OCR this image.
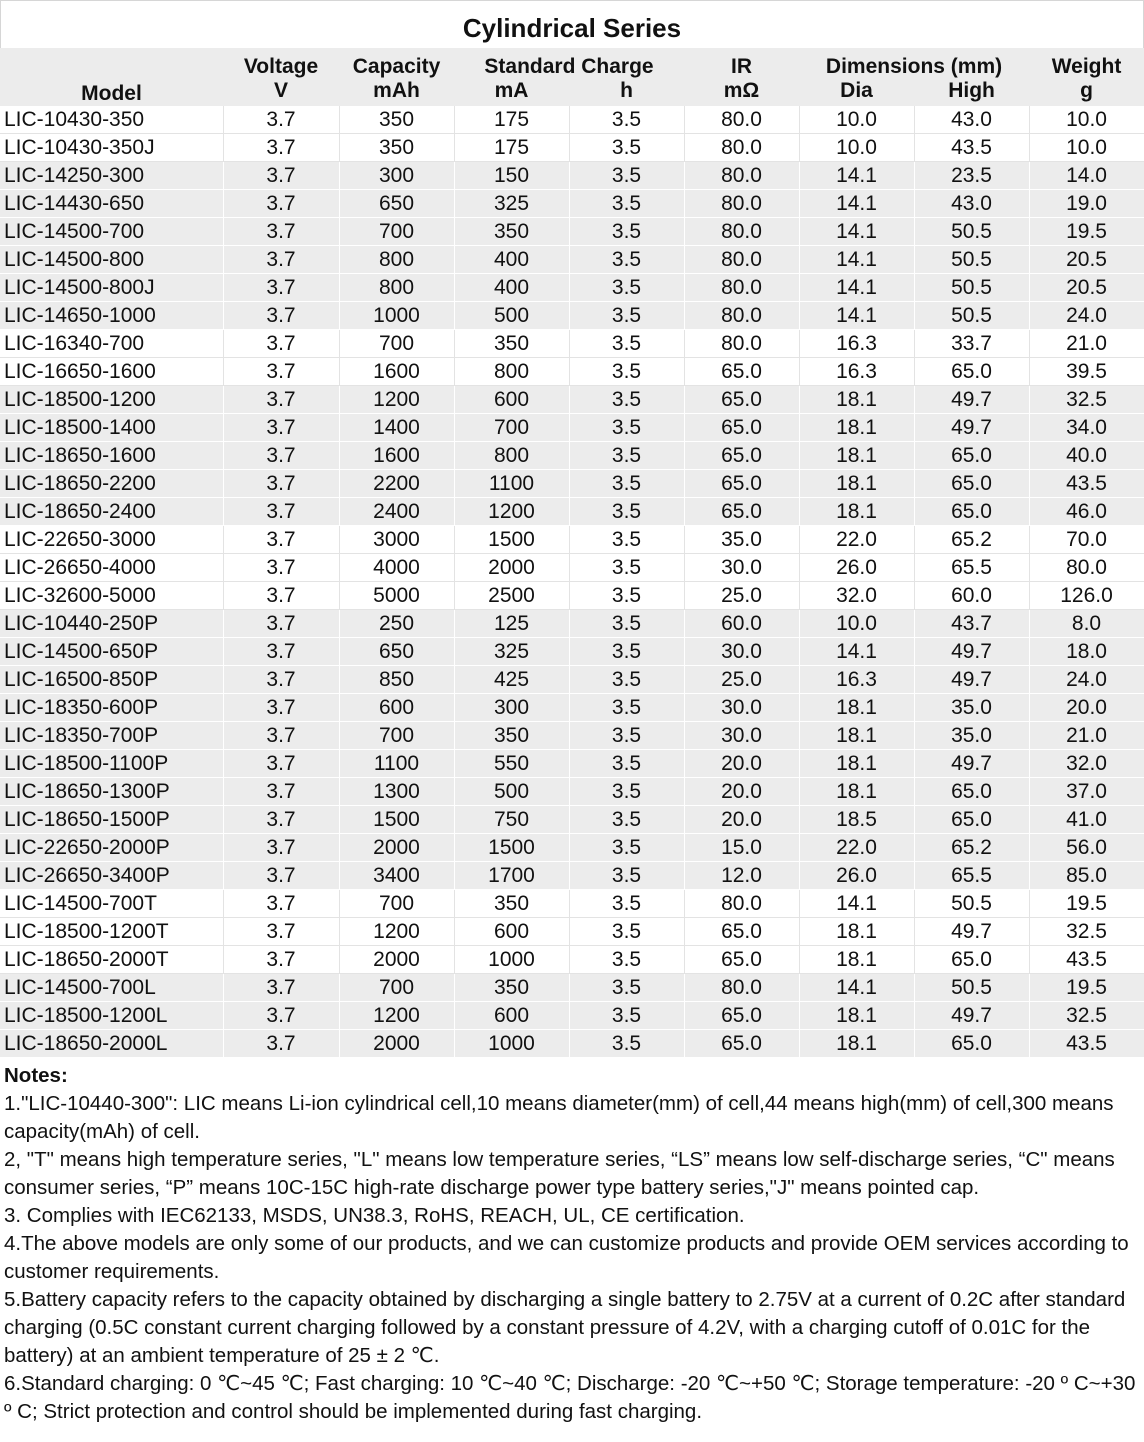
Cylindrical Series
Model	Voltage	Capacity	Standard Charge		IR	Dimensions (mm)		Weight
	V	mAh	mA	h	mΩ	Dia	High	g
LIC-10430-350	3.7	350	175	3.5	80.0	10.0	43.0	10.0
LIC-10430-350J	3.7	350	175	3.5	80.0	10.0	43.5	10.0
LIC-14250-300	3.7	300	150	3.5	80.0	14.1	23.5	14.0
LIC-14430-650	3.7	650	325	3.5	80.0	14.1	43.0	19.0
LIC-14500-700	3.7	700	350	3.5	80.0	14.1	50.5	19.5
LIC-14500-800	3.7	800	400	3.5	80.0	14.1	50.5	20.5
LIC-14500-800J	3.7	800	400	3.5	80.0	14.1	50.5	20.5
LIC-14650-1000	3.7	1000	500	3.5	80.0	14.1	50.5	24.0
LIC-16340-700	3.7	700	350	3.5	80.0	16.3	33.7	21.0
LIC-16650-1600	3.7	1600	800	3.5	65.0	16.3	65.0	39.5
LIC-18500-1200	3.7	1200	600	3.5	65.0	18.1	49.7	32.5
LIC-18500-1400	3.7	1400	700	3.5	65.0	18.1	49.7	34.0
LIC-18650-1600	3.7	1600	800	3.5	65.0	18.1	65.0	40.0
LIC-18650-2200	3.7	2200	1100	3.5	65.0	18.1	65.0	43.5
LIC-18650-2400	3.7	2400	1200	3.5	65.0	18.1	65.0	46.0
LIC-22650-3000	3.7	3000	1500	3.5	35.0	22.0	65.2	70.0
LIC-26650-4000	3.7	4000	2000	3.5	30.0	26.0	65.5	80.0
LIC-32600-5000	3.7	5000	2500	3.5	25.0	32.0	60.0	126.0
LIC-10440-250P	3.7	250	125	3.5	60.0	10.0	43.7	8.0
LIC-14500-650P	3.7	650	325	3.5	30.0	14.1	49.7	18.0
LIC-16500-850P	3.7	850	425	3.5	25.0	16.3	49.7	24.0
LIC-18350-600P	3.7	600	300	3.5	30.0	18.1	35.0	20.0
LIC-18350-700P	3.7	700	350	3.5	30.0	18.1	35.0	21.0
LIC-18500-1100P	3.7	1100	550	3.5	20.0	18.1	49.7	32.0
LIC-18650-1300P	3.7	1300	500	3.5	20.0	18.1	65.0	37.0
LIC-18650-1500P	3.7	1500	750	3.5	20.0	18.5	65.0	41.0
LIC-22650-2000P	3.7	2000	1500	3.5	15.0	22.0	65.2	56.0
LIC-26650-3400P	3.7	3400	1700	3.5	12.0	26.0	65.5	85.0
LIC-14500-700T	3.7	700	350	3.5	80.0	14.1	50.5	19.5
LIC-18500-1200T	3.7	1200	600	3.5	65.0	18.1	49.7	32.5
LIC-18650-2000T	3.7	2000	1000	3.5	65.0	18.1	65.0	43.5
LIC-14500-700L	3.7	700	350	3.5	80.0	14.1	50.5	19.5
LIC-18500-1200L	3.7	1200	600	3.5	65.0	18.1	49.7	32.5
LIC-18650-2000L	3.7	2000	1000	3.5	65.0	18.1	65.0	43.5
Notes:

1."LIC-10440-300": LIC means Li-ion cylindrical cell,10 means diameter(mm) of cell,44 means high(mm) of cell,300 means capacity(mAh) of cell.

2, "T" means high temperature series, "L" means low temperature series, “LS” means low self-discharge series, “C" means consumer series, “P” means 10C-15C high-rate discharge power type battery series,"J" means pointed cap.

3. Complies with IEC62133, MSDS, UN38.3, RoHS, REACH, UL, CE certification.

4.The above models are only some of our products, and we can customize products and provide OEM services according to customer requirements.

5.Battery capacity refers to the capacity obtained by discharging a single battery to 2.75V at a current of 0.2C after standard charging (0.5C constant current charging followed by a constant pressure of 4.2V, with a charging cutoff of 0.01C for the battery) at an ambient temperature of 25 ± 2 ℃.

6.Standard charging: 0 ℃~45 ℃; Fast charging: 10 ℃~40 ℃; Discharge: -20 ℃~+50 ℃; Storage temperature: -20 º C~+30 º C; Strict protection and control should be implemented during fast charging.
